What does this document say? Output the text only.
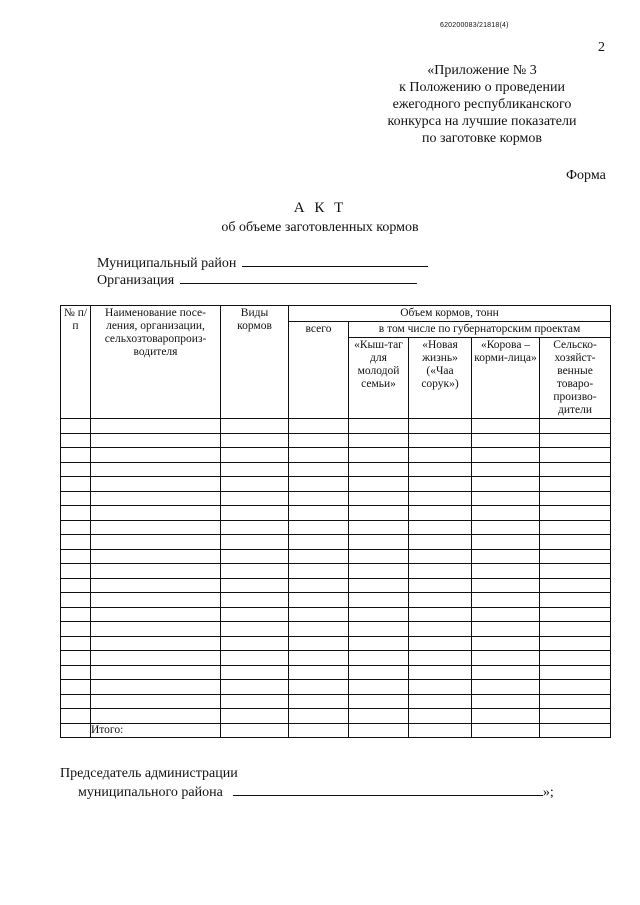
620200083/21818(4)
2
«Приложение № 3
к Положению о проведении
ежегодного республиканского
конкурса на лучшие показатели
по заготовке кормов
Форма
А К Т
об объеме заготовленных кормов
Муниципальный район
Организация
№ п/п	Наименование посе-ления, организации, сельхозтоваропроиз-водителя	Виды кормов	Объем кормов, тонн				
			всего	в том числе по губернаторским проектам			
				«Кыш-таг для молодой семьи»	«Новая жизнь» («Чаа сорук»)	«Корова – корми-лица»	Сельско-хозяйст-венные товаро-произво-дители

	Итого:						
Председатель администрации
муниципального района	»;
